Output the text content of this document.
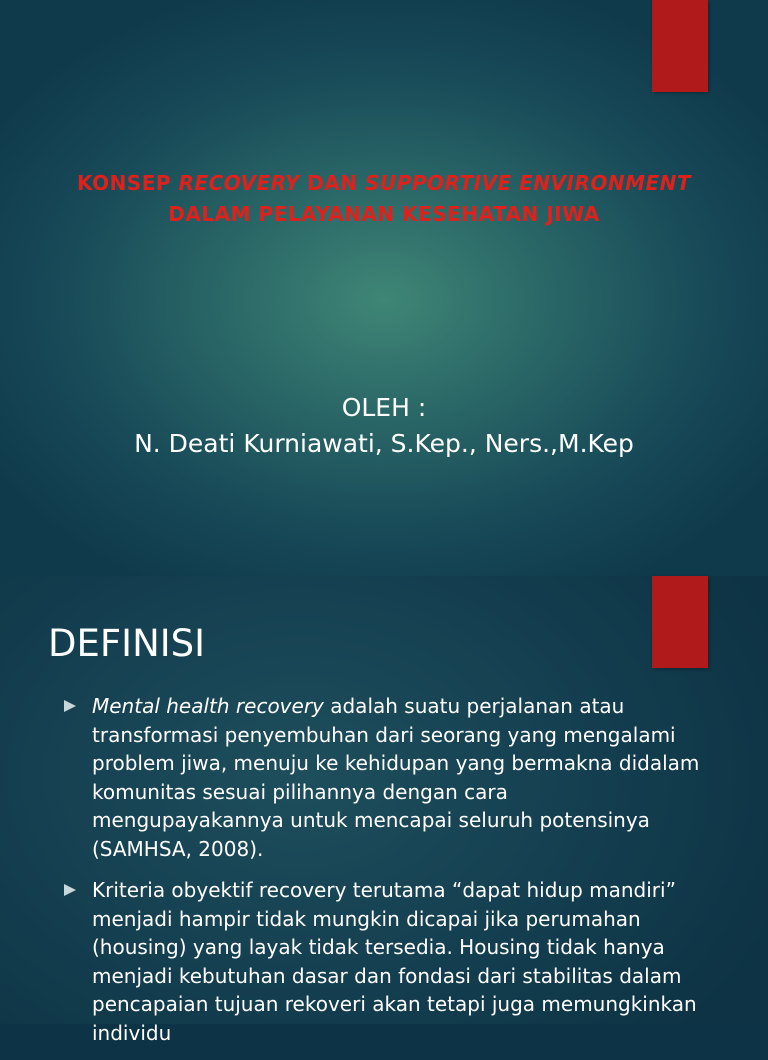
KONSEP RECOVERY DAN SUPPORTIVE ENVIRONMENT
DALAM PELAYANAN KESEHATAN JIWA
OLEH :
N. Deati Kurniawati, S.Kep., Ners.,M.Kep
DEFINISI
Mental health recovery adalah suatu perjalanan atau transformasi penyembuhan dari seorang yang mengalami problem jiwa, menuju ke kehidupan yang bermakna didalam komunitas sesuai pilihannya dengan cara mengupayakannya untuk mencapai seluruh potensinya (SAMHSA, 2008).
Kriteria obyektif recovery terutama “dapat hidup mandiri” menjadi hampir tidak mungkin dicapai jika perumahan (housing) yang layak tidak tersedia. Housing tidak hanya menjadi kebutuhan dasar dan fondasi dari stabilitas dalam pencapaian tujuan rekoveri akan tetapi juga memungkinkan individu
